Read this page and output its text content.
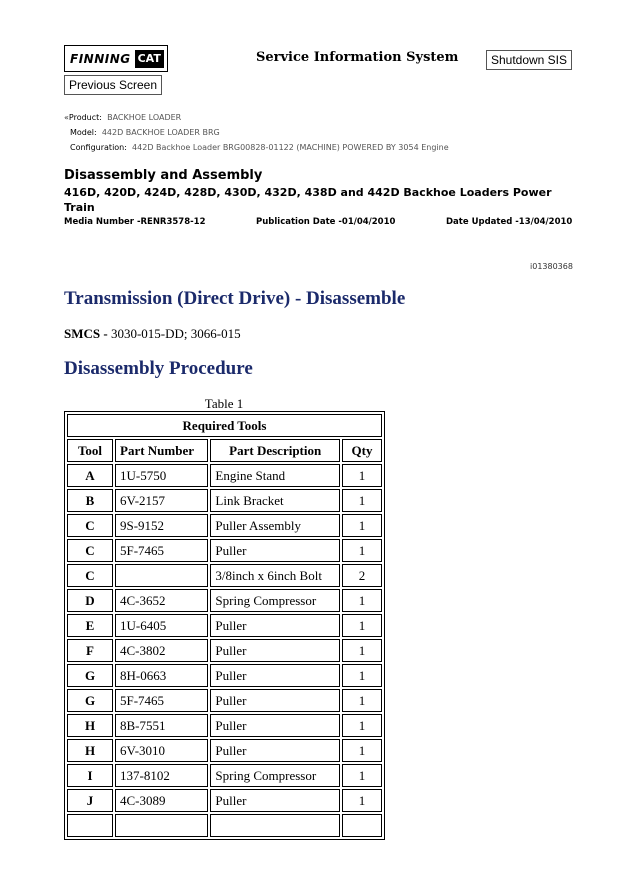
FINNING CAT	Service Information System	Shutdown SIS
Previous Screen
«Product: BACKHOE LOADER
Model: 442D BACKHOE LOADER BRG
Configuration: 442D Backhoe Loader BRG00828-01122 (MACHINE) POWERED BY 3054 Engine
Disassembly and Assembly
416D, 420D, 424D, 428D, 430D, 432D, 438D and 442D Backhoe Loaders Power Train
Media Number -RENR3578-12	Publication Date -01/04/2010	Date Updated -13/04/2010
i01380368
Transmission (Direct Drive) - Disassemble
SMCS - 3030-015-DD; 3066-015
Disassembly Procedure
Table 1
Required Tools			
Tool	Part Number	Part Description	Qty
A	1U-5750	Engine Stand	1
B	6V-2157	Link Bracket	1
C	9S-9152	Puller Assembly	1
C	5F-7465	Puller	1
C		3/8inch x 6inch Bolt	2
D	4C-3652	Spring Compressor	1
E	1U-6405	Puller	1
F	4C-3802	Puller	1
G	8H-0663	Puller	1
G	5F-7465	Puller	1
H	8B-7551	Puller	1
H	6V-3010	Puller	1
I	137-8102	Spring Compressor	1
J	4C-3089	Puller	1
